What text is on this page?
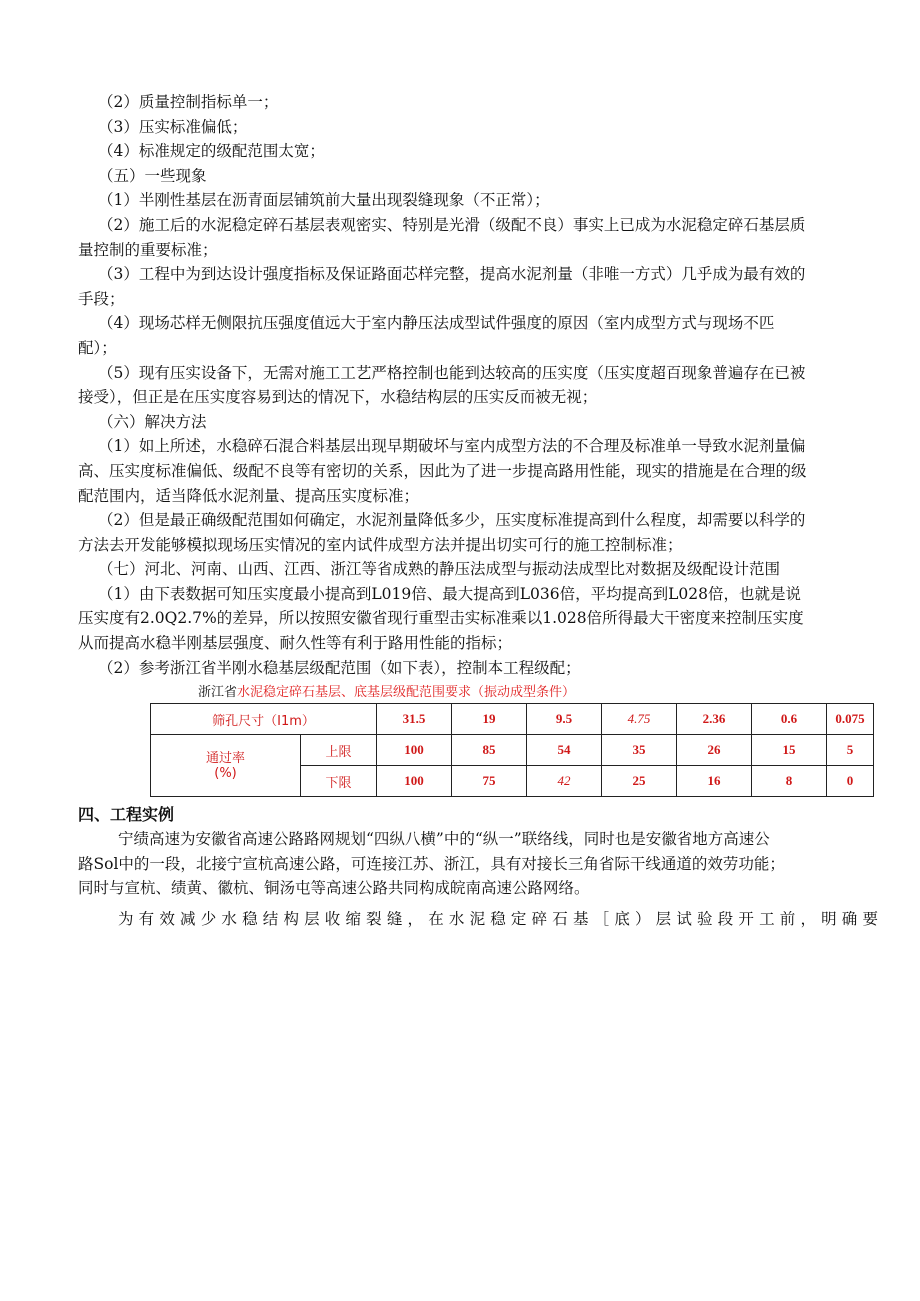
（2）质量控制指标单一；

（3）压实标准偏低；

（4）标准规定的级配范围太宽；

（五）一些现象

（1）半刚性基层在沥青面层铺筑前大量出现裂缝现象（不正常）；

（2）施工后的水泥稳定碎石基层表观密实、特别是光滑（级配不良）事实上已成为水泥稳定碎石基层质

量控制的重要标准；

（3）工程中为到达设计强度指标及保证路面芯样完整，提高水泥剂量（非唯一方式）几乎成为最有效的

手段；

（4）现场芯样无侧限抗压强度值远大于室内静压法成型试件强度的原因（室内成型方式与现场不匹

配）；

（5）现有压实设备下，无需对施工工艺严格控制也能到达较高的压实度（压实度超百现象普遍存在已被

接受），但正是在压实度容易到达的情况下，水稳结构层的压实反而被无视；

（六）解决方法

（1）如上所述，水稳碎石混合料基层出现早期破坏与室内成型方法的不合理及标准单一导致水泥剂量偏

高、压实度标准偏低、级配不良等有密切的关系，因此为了进一步提高路用性能，现实的措施是在合理的级

配范围内，适当降低水泥剂量、提高压实度标准；

（2）但是最正确级配范围如何确定，水泥剂量降低多少，压实度标准提高到什么程度，却需要以科学的

方法去开发能够模拟现场压实情况的室内试件成型方法并提出切实可行的施工控制标准；

（七）河北、河南、山西、江西、浙江等省成熟的静压法成型与振动法成型比对数据及级配设计范围

（1）由下表数据可知压实度最小提高到L019倍、最大提高到L036倍，平均提高到L028倍，也就是说

压实度有2.0Q2.7%的差异，所以按照安徽省现行重型击实标准乘以1.028倍所得最大干密度来控制压实度

从而提高水稳半刚基层强度、耐久性等有利于路用性能的指标；

（2）参考浙江省半刚水稳基层级配范围（如下表），控制本工程级配；

浙江省水泥稳定碎石基层、底基层级配范围要求（振动成型条件）
筛孔尺寸（I1m）		31.5	19	9.5	4.75	2.36	0.6	0.075
通过率	上限	100	85	54	35	26	15	5
(%)	下限	100	75	42	25	16	8	0
四、工程实例

宁绩高速为安徽省高速公路路网规划“四纵八横”中的“纵一”联络线，同时也是安徽省地方高速公

路Sol中的一段，北接宁宣杭高速公路，可连接江苏、浙江，具有对接长三角省际干线通道的效劳功能；

同时与宣杭、绩黄、徽杭、铜汤屯等高速公路共同构成皖南高速公路网络。

为有效减少水稳结构层收缩裂缝，在水泥稳定碎石基［底）层试验段开工前，明确要
